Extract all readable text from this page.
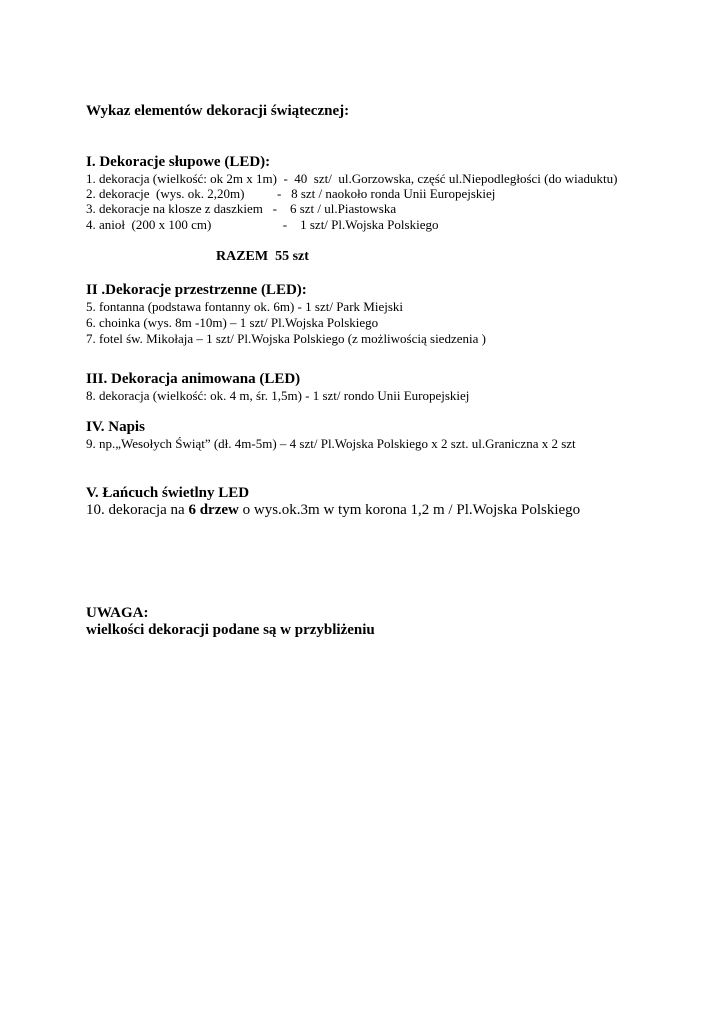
Wykaz elementów dekoracji świątecznej:
I. Dekoracje słupowe (LED):
1. dekoracja (wielkość: ok 2m x 1m)  -  40  szt/  ul.Gorzowska, część ul.Niepodległości (do wiaduktu)
2. dekoracje  (wys. ok. 2,20m)          -   8 szt / naokoło ronda Unii Europejskiej
3. dekoracje na klosze z daszkiem   -    6 szt / ul.Piastowska
4. anioł  (200 x 100 cm)                      -    1 szt/ Pl.Wojska Polskiego
RAZEM  55 szt
II .Dekoracje przestrzenne (LED):
5. fontanna (podstawa fontanny ok. 6m) - 1 szt/ Park Miejski
6. choinka (wys. 8m -10m) – 1 szt/ Pl.Wojska Polskiego
7. fotel św. Mikołaja – 1 szt/ Pl.Wojska Polskiego (z możliwością siedzenia )
III. Dekoracja animowana (LED)
8. dekoracja (wielkość: ok. 4 m, śr. 1,5m) - 1 szt/ rondo Unii Europejskiej
IV. Napis
9. np.„Wesołych Świąt” (dł. 4m-5m) – 4 szt/ Pl.Wojska Polskiego x 2 szt. ul.Graniczna x 2 szt
V. Łańcuch świetlny LED
10. dekoracja na 6 drzew o wys.ok.3m w tym korona 1,2 m / Pl.Wojska Polskiego
UWAGA:
wielkości dekoracji podane są w przybliżeniu
